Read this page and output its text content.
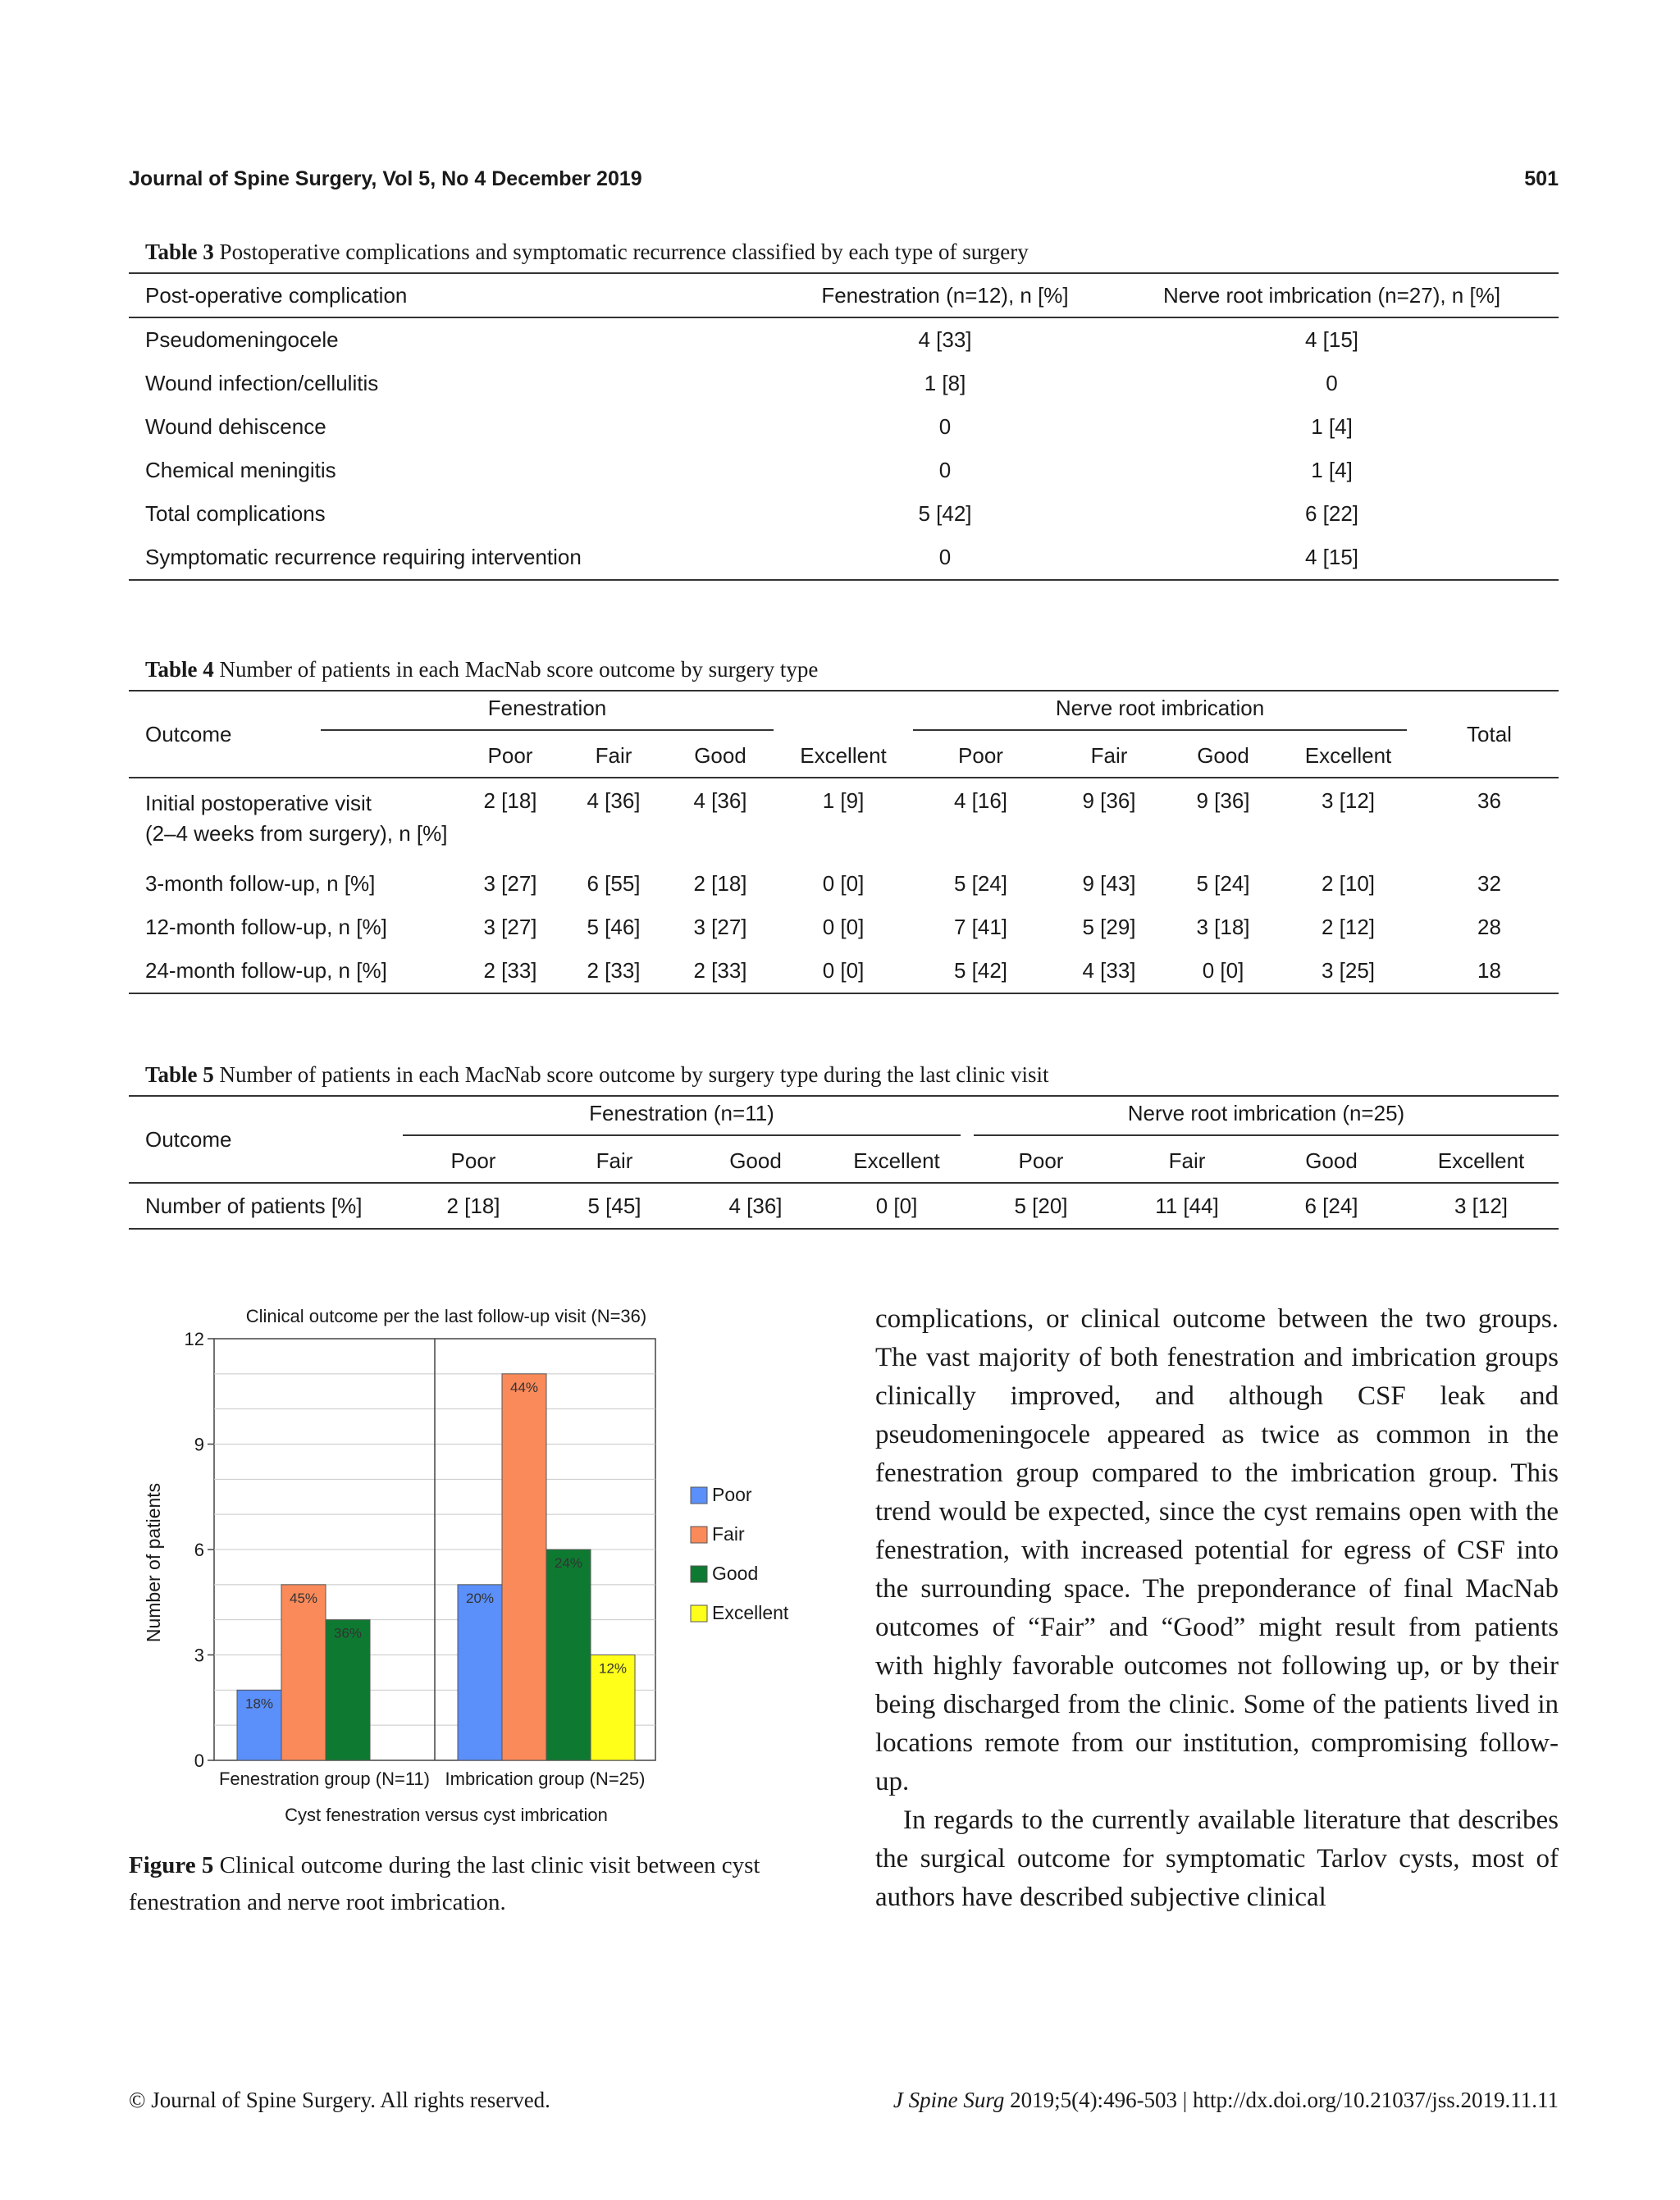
Journal of Spine Surgery, Vol 5, No 4 December 2019	501
Table 3 Postoperative complications and symptomatic recurrence classified by each type of surgery
Post-operative complication	Fenestration (n=12), n [%]	Nerve root imbrication (n=27), n [%]
Pseudomeningocele	4 [33]	4 [15]
Wound infection/cellulitis	1 [8]	0
Wound dehiscence	0	1 [4]
Chemical meningitis	0	1 [4]
Total complications	5 [42]	6 [22]
Symptomatic recurrence requiring intervention	0	4 [15]
Table 4 Number of patients in each MacNab score outcome by surgery type
Outcome	Fenestration				Nerve root imbrication				Total
	Poor	Fair	Good	Excellent	Poor	Fair	Good	Excellent	
Initial postoperative visit
(2–4 weeks from surgery), n [%]	2 [18]	4 [36]	4 [36]	1 [9]	4 [16]	9 [36]	9 [36]	3 [12]	36
3-month follow-up, n [%]	3 [27]	6 [55]	2 [18]	0 [0]	5 [24]	9 [43]	5 [24]	2 [10]	32
12-month follow-up, n [%]	3 [27]	5 [46]	3 [27]	0 [0]	7 [41]	5 [29]	3 [18]	2 [12]	28
24-month follow-up, n [%]	2 [33]	2 [33]	2 [33]	0 [0]	5 [42]	4 [33]	0 [0]	3 [25]	18
Table 5 Number of patients in each MacNab score outcome by surgery type during the last clinic visit
Outcome	Fenestration (n=11)				Nerve root imbrication (n=25)			

	Poor	Fair	Good	Excellent	Poor	Fair	Good	Excellent
Number of patients [%]	2 [18]	5 [45]	4 [36]	0 [0]	5 [20]	11 [44]	6 [24]	3 [12]
Clinical outcome per the last follow-up visit (N=36)
18%
45%
36%
20%
44%
24%
12%
0
3
6
9
12
Fenestration group (N=11) Imbrication group (N=25)
Poor
Fair
Good
Excellent
Number of patients
Cyst fenestration versus cyst imbrication
Figure 5 Clinical outcome during the last clinic visit between cyst fenestration and nerve root imbrication.

complications, or clinical outcome between the two groups. The vast majority of both fenestration and imbrication groups clinically improved, and although CSF leak and pseudomeningocele appeared as twice as common in the fenestration group compared to the imbrication group. This trend would be expected, since the cyst remains open with the fenestration, with increased potential for egress of CSF into the surrounding space. The preponderance of final MacNab outcomes of “Fair” and “Good” might result from patients with highly favorable outcomes not following up, or by their being discharged from the clinic. Some of the patients lived in locations remote from our institution, compromising follow-up.

In regards to the currently available literature that describes the surgical outcome for symptomatic Tarlov cysts, most of authors have described subjective clinical

© Journal of Spine Surgery. All rights reserved.	J Spine Surg 2019;5(4):496-503 | http://dx.doi.org/10.21037/jss.2019.11.11
